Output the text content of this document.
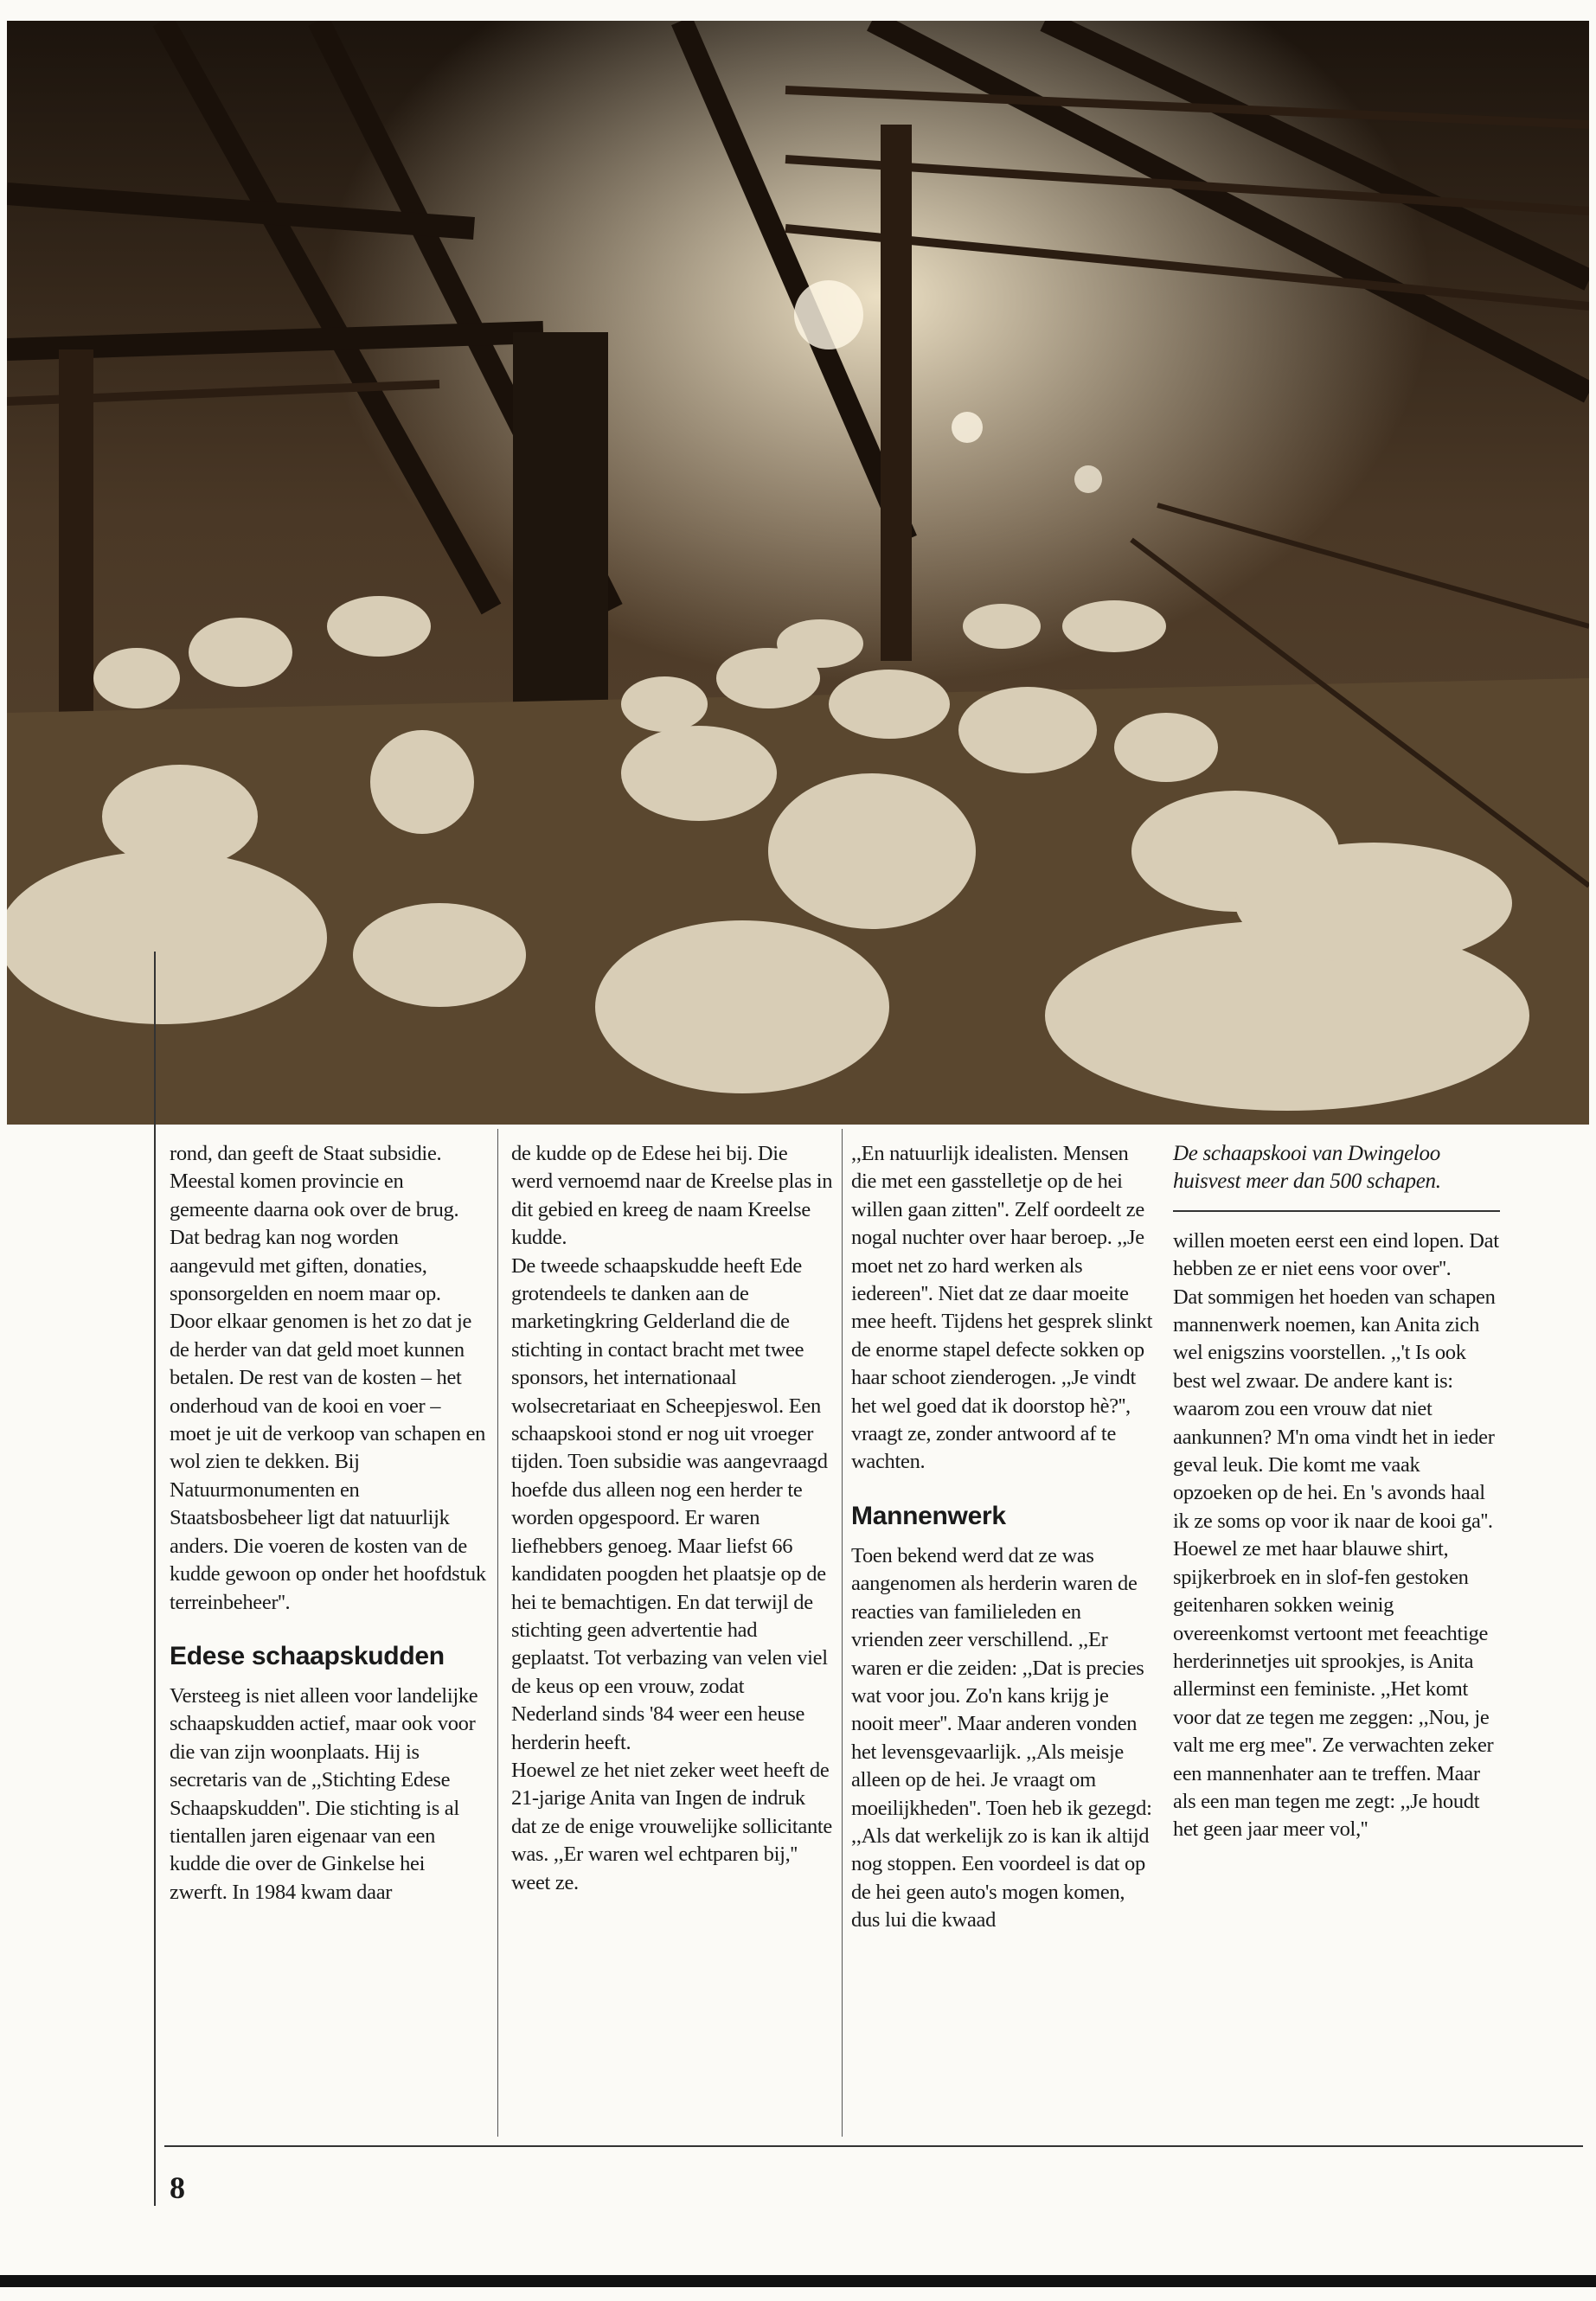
rond, dan geeft de Staat subsidie. Meestal komen provincie en gemeente daarna ook over de brug. Dat bedrag kan nog worden aangevuld met giften, donaties, sponsorgelden en noem maar op. Door elkaar genomen is het zo dat je de herder van dat geld moet kunnen betalen. De rest van de kosten – het onderhoud van de kooi en voer – moet je uit de verkoop van schapen en wol zien te dekken. Bij Natuurmonumenten en Staatsbosbeheer ligt dat natuurlijk anders. Die voeren de kosten van de kudde gewoon op onder het hoofdstuk terreinbeheer''.

Edese schaapskudden

Versteeg is niet alleen voor landelijke schaapskudden actief, maar ook voor die van zijn woonplaats. Hij is secretaris van de ,,Stichting Edese Schaapskudden''. Die stichting is al tientallen jaren eigenaar van een kudde die over de Ginkelse hei zwerft. In 1984 kwam daar

de kudde op de Edese hei bij. Die werd vernoemd naar de Kreelse plas in dit gebied en kreeg de naam Kreelse kudde.

De tweede schaapskudde heeft Ede grotendeels te danken aan de marketingkring Gelderland die de stichting in contact bracht met twee sponsors, het internationaal wolsecretariaat en Scheepjeswol. Een schaapskooi stond er nog uit vroeger tijden. Toen subsidie was aangevraagd hoefde dus alleen nog een herder te worden opgespoord. Er waren liefhebbers genoeg. Maar liefst 66 kandidaten poogden het plaatsje op de hei te bemachtigen. En dat terwijl de stichting geen advertentie had geplaatst. Tot verbazing van velen viel de keus op een vrouw, zodat Nederland sinds '84 weer een heuse herderin heeft.

Hoewel ze het niet zeker weet heeft de 21-jarige Anita van Ingen de indruk dat ze de enige vrouwelijke sollicitante was. ,,Er waren wel echtparen bij,'' weet ze.

,,En natuurlijk idealisten. Mensen die met een gasstelletje op de hei willen gaan zitten''. Zelf oordeelt ze nogal nuchter over haar beroep. ,,Je moet net zo hard werken als iedereen''. Niet dat ze daar moeite mee heeft. Tijdens het gesprek slinkt de enorme stapel defecte sokken op haar schoot zienderogen. ,,Je vindt het wel goed dat ik doorstop hè?'', vraagt ze, zonder antwoord af te wachten.

Mannenwerk

Toen bekend werd dat ze was aangenomen als herderin waren de reacties van familieleden en vrienden zeer verschillend. ,,Er waren er die zeiden: ,,Dat is precies wat voor jou. Zo'n kans krijg je nooit meer''. Maar anderen vonden het levensgevaarlijk. ,,Als meisje alleen op de hei. Je vraagt om moeilijkheden''. Toen heb ik gezegd: ,,Als dat werkelijk zo is kan ik altijd nog stoppen. Een voordeel is dat op de hei geen auto's mogen komen, dus lui die kwaad

De schaapskooi van Dwingeloo huisvest meer dan 500 schapen.

willen moeten eerst een eind lopen. Dat hebben ze er niet eens voor over''.

Dat sommigen het hoeden van schapen mannenwerk noemen, kan Anita zich wel enigszins voorstellen. ,,'t Is ook best wel zwaar. De andere kant is: waarom zou een vrouw dat niet aankunnen? M'n oma vindt het in ieder geval leuk. Die komt me vaak opzoeken op de hei. En 's avonds haal ik ze soms op voor ik naar de kooi ga''.

Hoewel ze met haar blauwe shirt, spijkerbroek en in slof-fen gestoken geitenharen sokken weinig overeenkomst vertoont met feeachtige herderinnetjes uit sprookjes, is Anita allerminst een feministe. ,,Het komt voor dat ze tegen me zeggen: ,,Nou, je valt me erg mee''. Ze verwachten zeker een mannenhater aan te treffen. Maar als een man tegen me zegt: ,,Je houdt het geen jaar meer vol,''

8
